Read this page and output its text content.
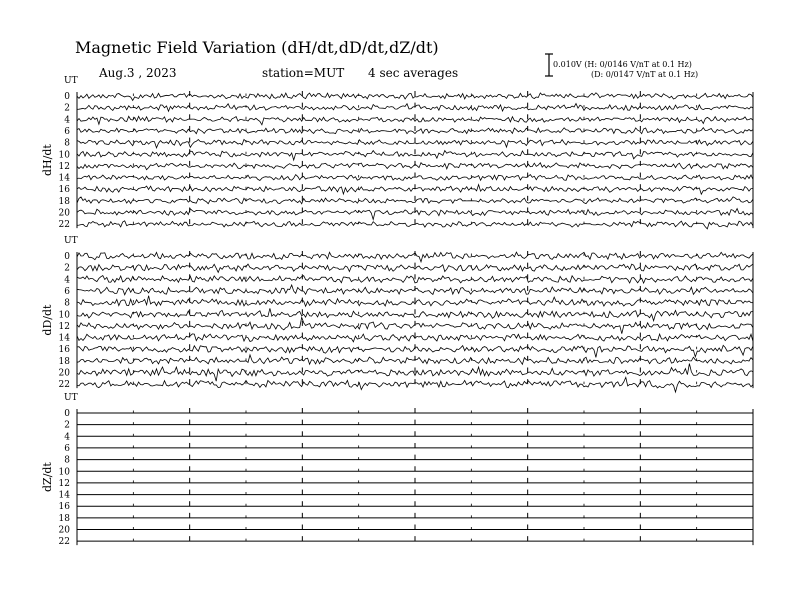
Magnetic Field Variation (dH/dt,dD/dt,dZ/dt)
Aug.3 , 2023	station=MUT 4 sec averages
0.010V (H: 0/0146 V/nT at 0.1 Hz)
(D: 0/0147 V/nT at 0.1 Hz)
UT
dH/dt
0
2
4
6
8
10
12
14
16
18
20
22
UT
dD/dt
0
2
4
6
8
10
12
14
16
18
20
22
UT
dZ/dt
0
2
4
6
8
10
12
14
16
18
20
22
